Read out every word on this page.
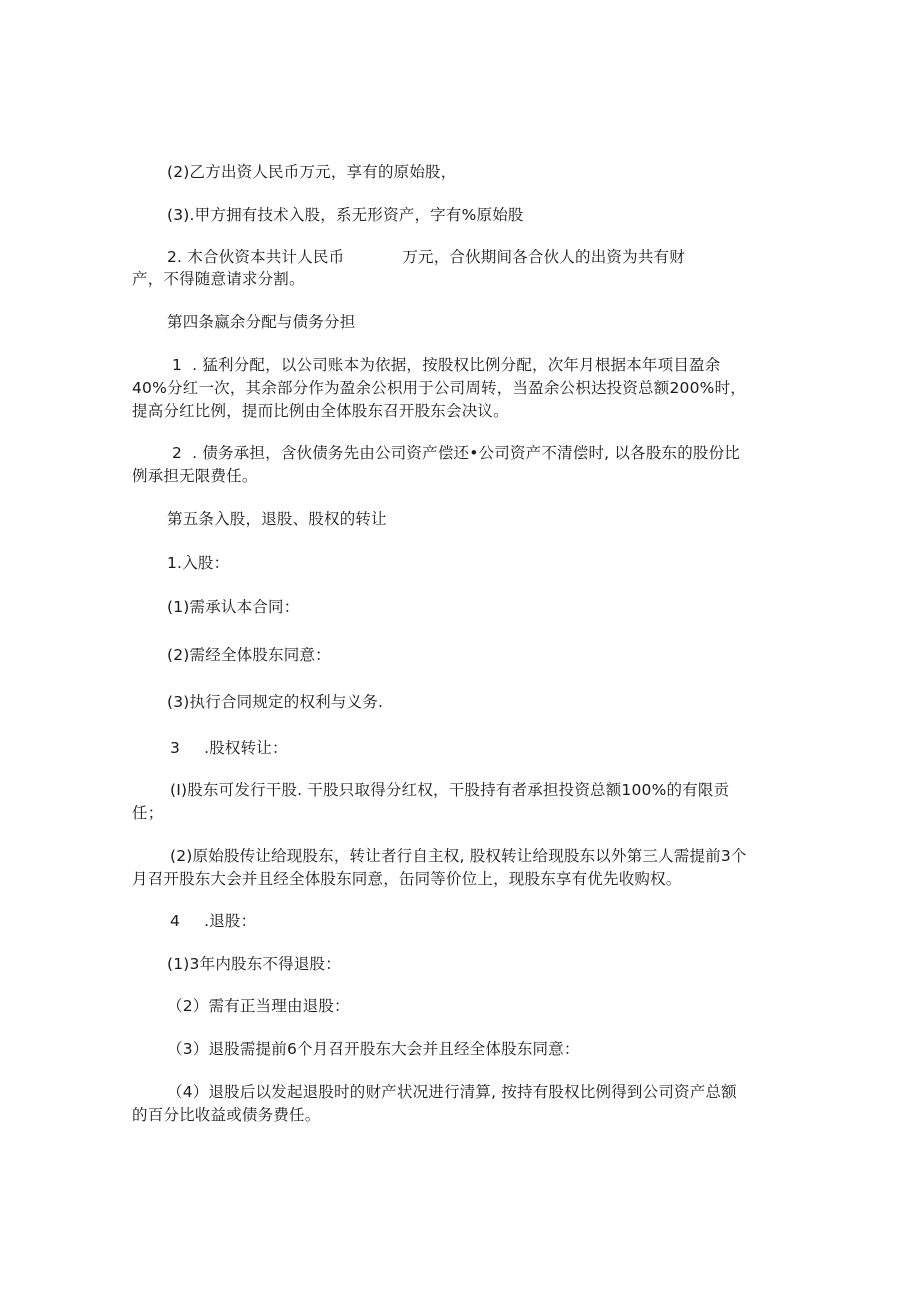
(2)乙方出资人民币万元，享有的原始股，
(3).甲方拥有技术入股，系无形资产，字有%原始股
2. 木合伙资本共计人民币	万元，合伙期间各合伙人的出资为共有财
产，不得随意请求分割。
第四条嬴余分配与债务分担
1 . 猛利分配，以公司账本为依据，按股权比例分配，次年月根据本年项目盈余
40%分红一次，其余部分作为盈余公枳用于公司周转，当盈余公枳达投资总额200%时，
提高分红比例，提而比例由全体股东召开股东会决议。
2 . 债务承担，含伙债务先由公司资产偿还•公司资产不清偿时, 以各股东的股份比
例承担无限费任。
第五条入股，退股、股权的转让
1.入股：
(1)需承认本合同：
(2)需经全体股东同意：
(3)执行合同规定的权利与义务.
3 .股权转让：
(I)股东可发行干股. 干股只取得分红权，干股持有者承担投资总额100%的有限贡
任；
(2)原始股传让给现股东，转让者行自主权, 股权转让给现股东以外第三人需提前3个
月召开股东大会并且经全体股东同意，缶同等价位上，现股东享有优先收购权。
4 .退股：
(1)3年内股东不得退股：
（2）需有正当理由退股：
（3）退股需提前6个月召开股东大会并且经全体股东同意：
（4）退股后以发起退股时的财产状况进行清算, 按持有股权比例得到公司资产总额
的百分比收益或债务费任。
